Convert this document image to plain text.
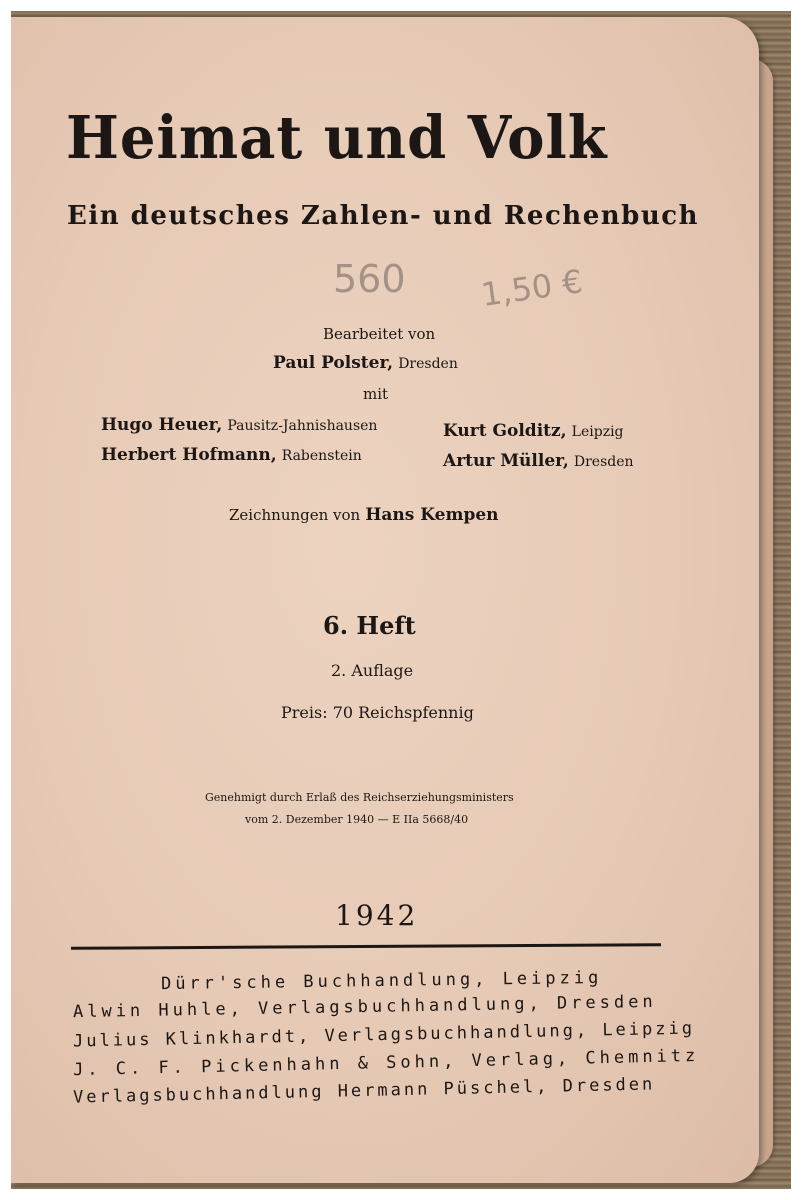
Heimat und Volk
Ein deutsches Zahlen- und Rechenbuch
560 1,50 €
Bearbeitet von
Paul Polster, Dresden
mit
Hugo Heuer, Pausitz-Jahnishausen	Kurt Golditz, Leipzig
Herbert Hofmann, Rabenstein	Artur Müller, Dresden
Zeichnungen von Hans Kempen
6. Heft
2. Auflage
Preis: 70 Reichspfennig
Genehmigt durch Erlaß des Reichserziehungsministers
vom 2. Dezember 1940 — E IIa 5668/40
1942
Dürr'sche Buchhandlung, Leipzig
Alwin Huhle, Verlagsbuchhandlung, Dresden
Julius Klinkhardt, Verlagsbuchhandlung, Leipzig
J. C. F. Pickenhahn & Sohn, Verlag, Chemnitz
Verlagsbuchhandlung Hermann Püschel, Dresden
